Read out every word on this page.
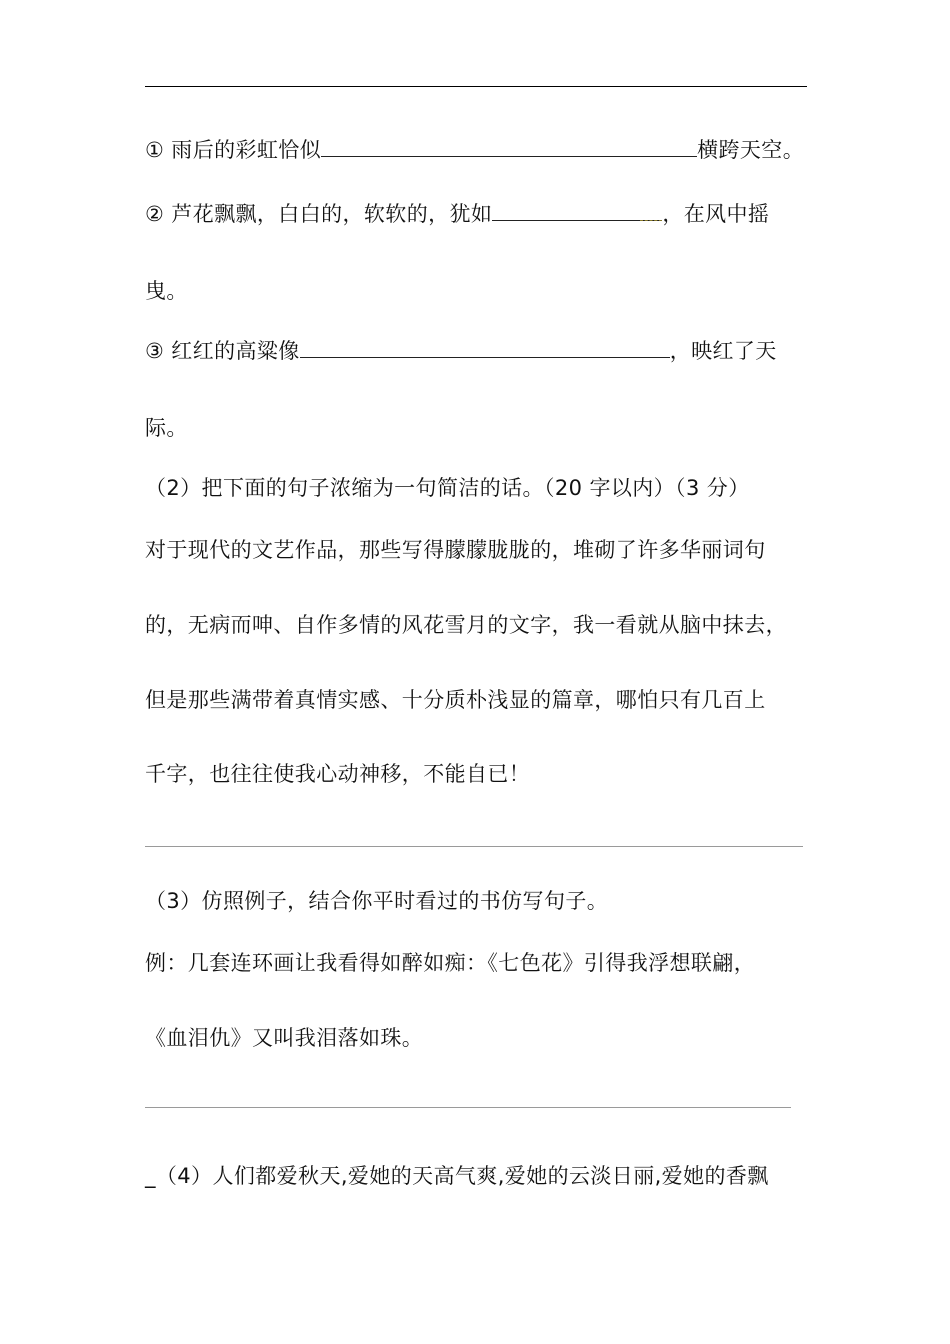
① 雨后的彩虹恰似	横跨天空。
② 芦花飘飘，白白的，软软的，犹如	，在风中摇
曳。
③ 红红的高粱像	，映红了天
际。
（2）把下面的句子浓缩为一句简洁的话。（20 字以内）（3 分）
对于现代的文艺作品，那些写得朦朦胧胧的，堆砌了许多华丽词句
的，无病而呻、自作多情的风花雪月的文字，我一看就从脑中抹去，
但是那些满带着真情实感、十分质朴浅显的篇章，哪怕只有几百上
千字，也往往使我心动神移，不能自已！
（3）仿照例子，结合你平时看过的书仿写句子。
例：几套连环画让我看得如醉如痴：《七色花》引得我浮想联翩，
《血泪仇》又叫我泪落如珠。
_（4）人们都爱秋天,爱她的天高气爽,爱她的云淡日丽,爱她的香飘
